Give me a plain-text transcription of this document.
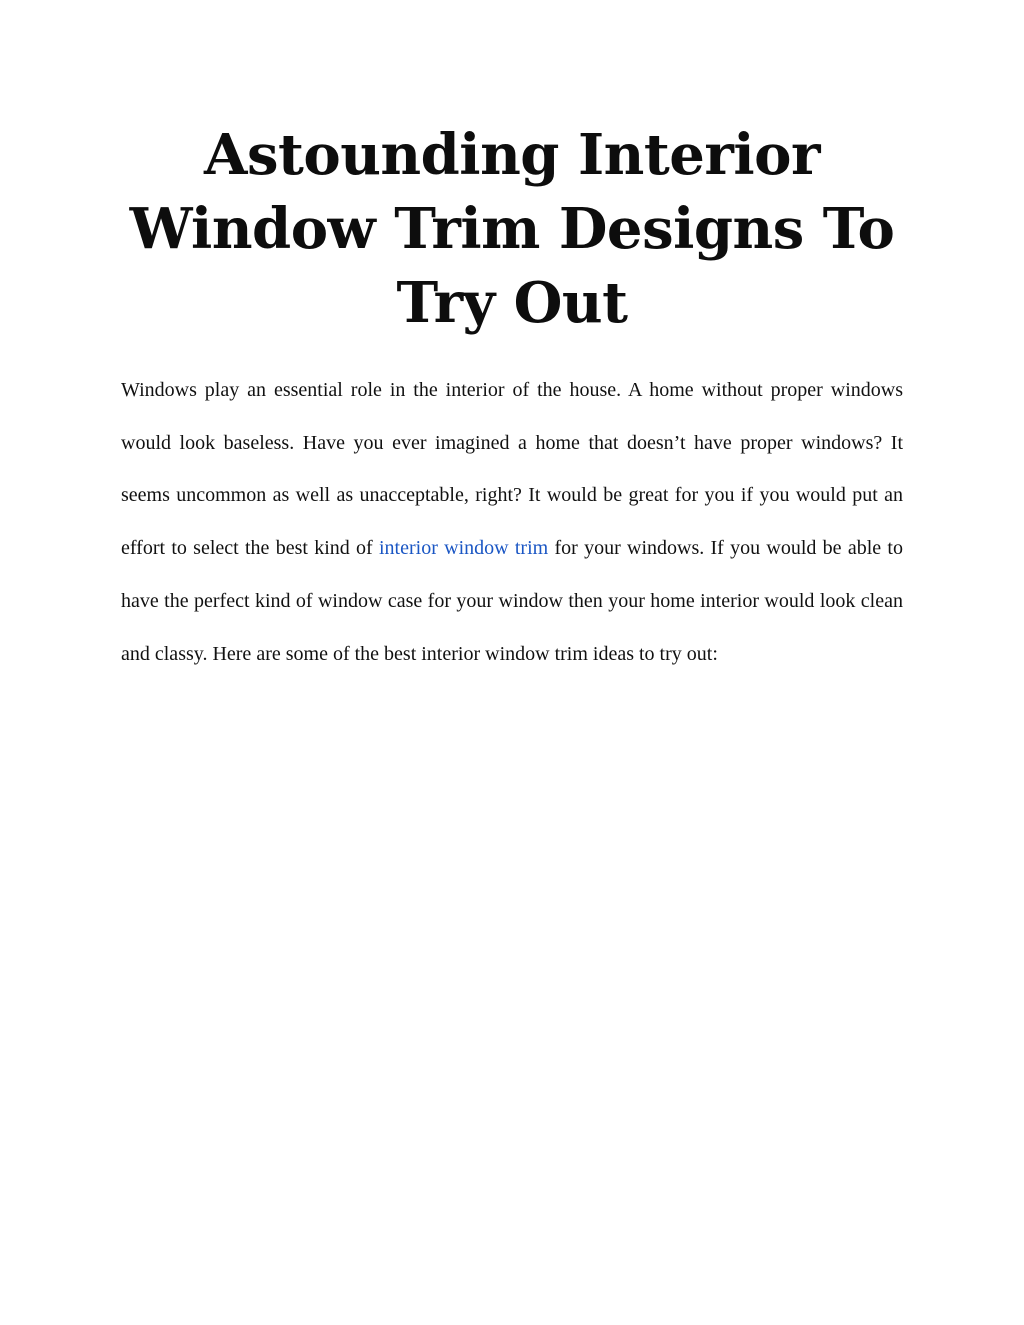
Astounding Interior Window Trim Designs To Try Out

Windows play an essential role in the interior of the house. A home without proper windows would look baseless. Have you ever imagined a home that doesn’t have proper windows? It seems uncommon as well as unacceptable, right? It would be great for you if you would put an effort to select the best kind of interior window trim for your windows. If you would be able to have the perfect kind of window case for your window then your home interior would look clean and classy. Here are some of the best interior window trim ideas to try out:
